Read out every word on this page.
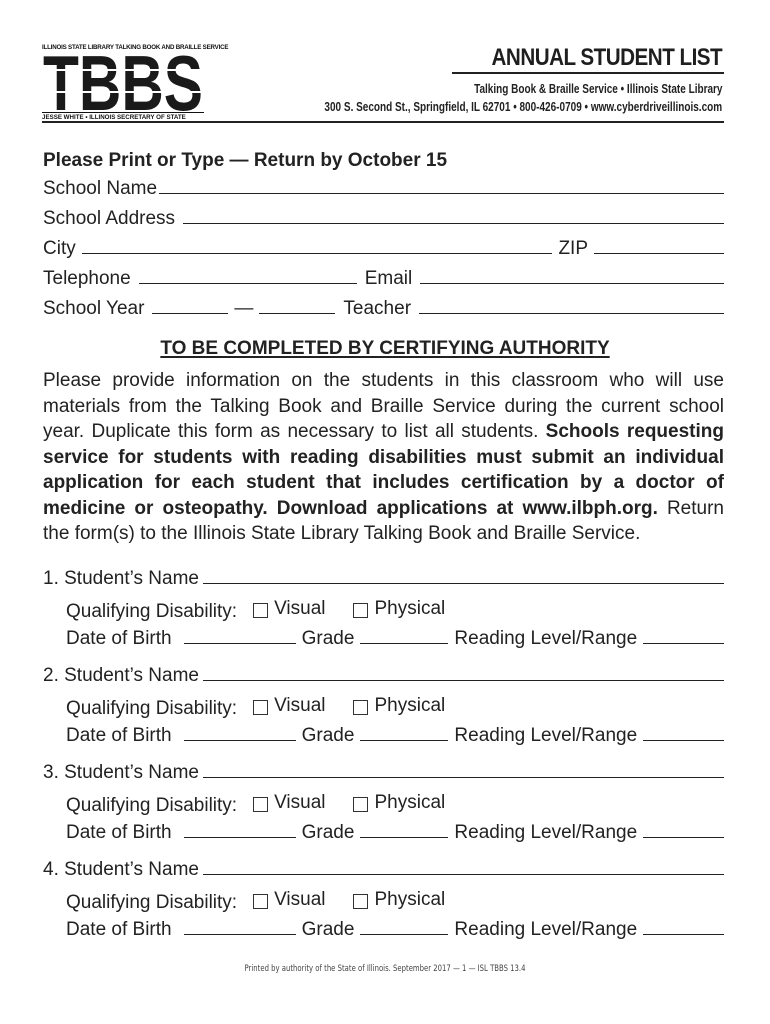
ILLINOIS STATE LIBRARY TALKING BOOK AND BRAILLE SERVICE
TBBS
JESSE WHITE • ILLINOIS SECRETARY OF STATE
ANNUAL STUDENT LIST
Talking Book & Braille Service • Illinois State Library
300 S. Second St., Springfield, IL 62701 • 800-426-0709 • www.cyberdriveillinois.com
Please Print or Type — Return by October 15
School Name
School Address
City	ZIP
Telephone	Email
School Year	—	Teacher
TO BE COMPLETED BY CERTIFYING AUTHORITY
Please provide information on the students in this classroom who will use materials from the Talking Book and Braille Service during the current school year. Duplicate this form as necessary to list all students. Schools requesting service for students with reading disabilities must submit an individual application for each student that includes certification by a doctor of medicine or osteopathy. Download applications at www.ilbph.org. Return the form(s) to the Illinois State Library Talking Book and Braille Service.
1. Student’s Name
Qualifying Disability: Visual	Physical
Date of Birth	Grade	Reading Level/Range
2. Student’s Name
Qualifying Disability: Visual	Physical
Date of Birth	Grade	Reading Level/Range
3. Student’s Name
Qualifying Disability: Visual	Physical
Date of Birth	Grade	Reading Level/Range
4. Student’s Name
Qualifying Disability: Visual	Physical
Date of Birth	Grade	Reading Level/Range
Printed by authority of the State of Illinois. September 2017 — 1 — ISL TBBS 13.4
